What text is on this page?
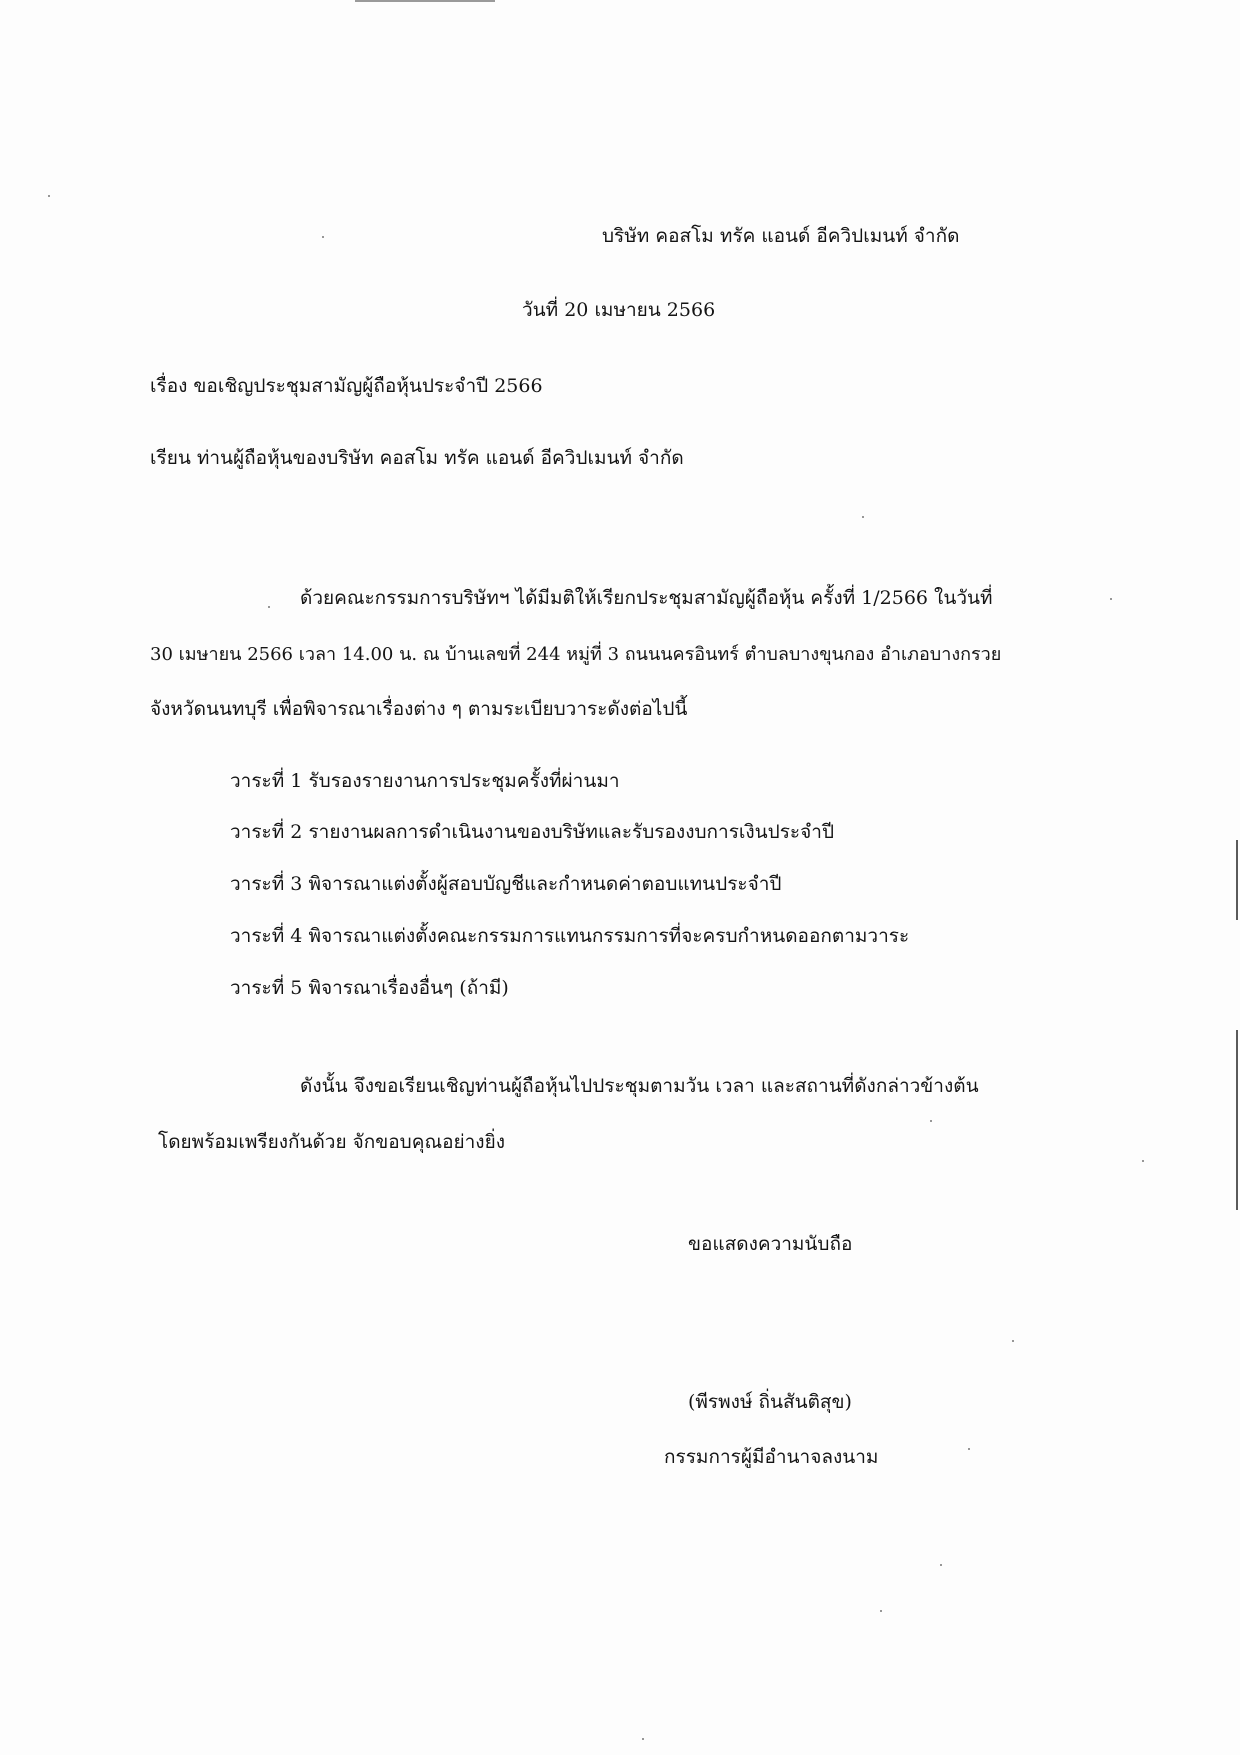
บริษัท คอสโม ทรัค แอนด์ อีควิปเมนท์ จำกัด
วันที่ 20 เมษายน 2566
เรื่อง ขอเชิญประชุมสามัญผู้ถือหุ้นประจำปี 2566
เรียน ท่านผู้ถือหุ้นของบริษัท คอสโม ทรัค แอนด์ อีควิปเมนท์ จำกัด
ด้วยคณะกรรมการบริษัทฯ ได้มีมติให้เรียกประชุมสามัญผู้ถือหุ้น ครั้งที่ 1/2566 ในวันที่
30 เมษายน 2566 เวลา 14.00 น. ณ บ้านเลขที่ 244 หมู่ที่ 3 ถนนนครอินทร์ ตำบลบางขุนกอง อำเภอบางกรวย
จังหวัดนนทบุรี เพื่อพิจารณาเรื่องต่าง ๆ ตามระเบียบวาระดังต่อไปนี้
วาระที่ 1 รับรองรายงานการประชุมครั้งที่ผ่านมา
วาระที่ 2 รายงานผลการดำเนินงานของบริษัทและรับรองงบการเงินประจำปี
วาระที่ 3 พิจารณาแต่งตั้งผู้สอบบัญชีและกำหนดค่าตอบแทนประจำปี
วาระที่ 4 พิจารณาแต่งตั้งคณะกรรมการแทนกรรมการที่จะครบกำหนดออกตามวาระ
วาระที่ 5 พิจารณาเรื่องอื่นๆ (ถ้ามี)
ดังนั้น จึงขอเรียนเชิญท่านผู้ถือหุ้นไปประชุมตามวัน เวลา และสถานที่ดังกล่าวข้างต้น
โดยพร้อมเพรียงกันด้วย จักขอบคุณอย่างยิ่ง
ขอแสดงความนับถือ
(พีรพงษ์ ถิ่นสันติสุข)
กรรมการผู้มีอำนาจลงนาม
